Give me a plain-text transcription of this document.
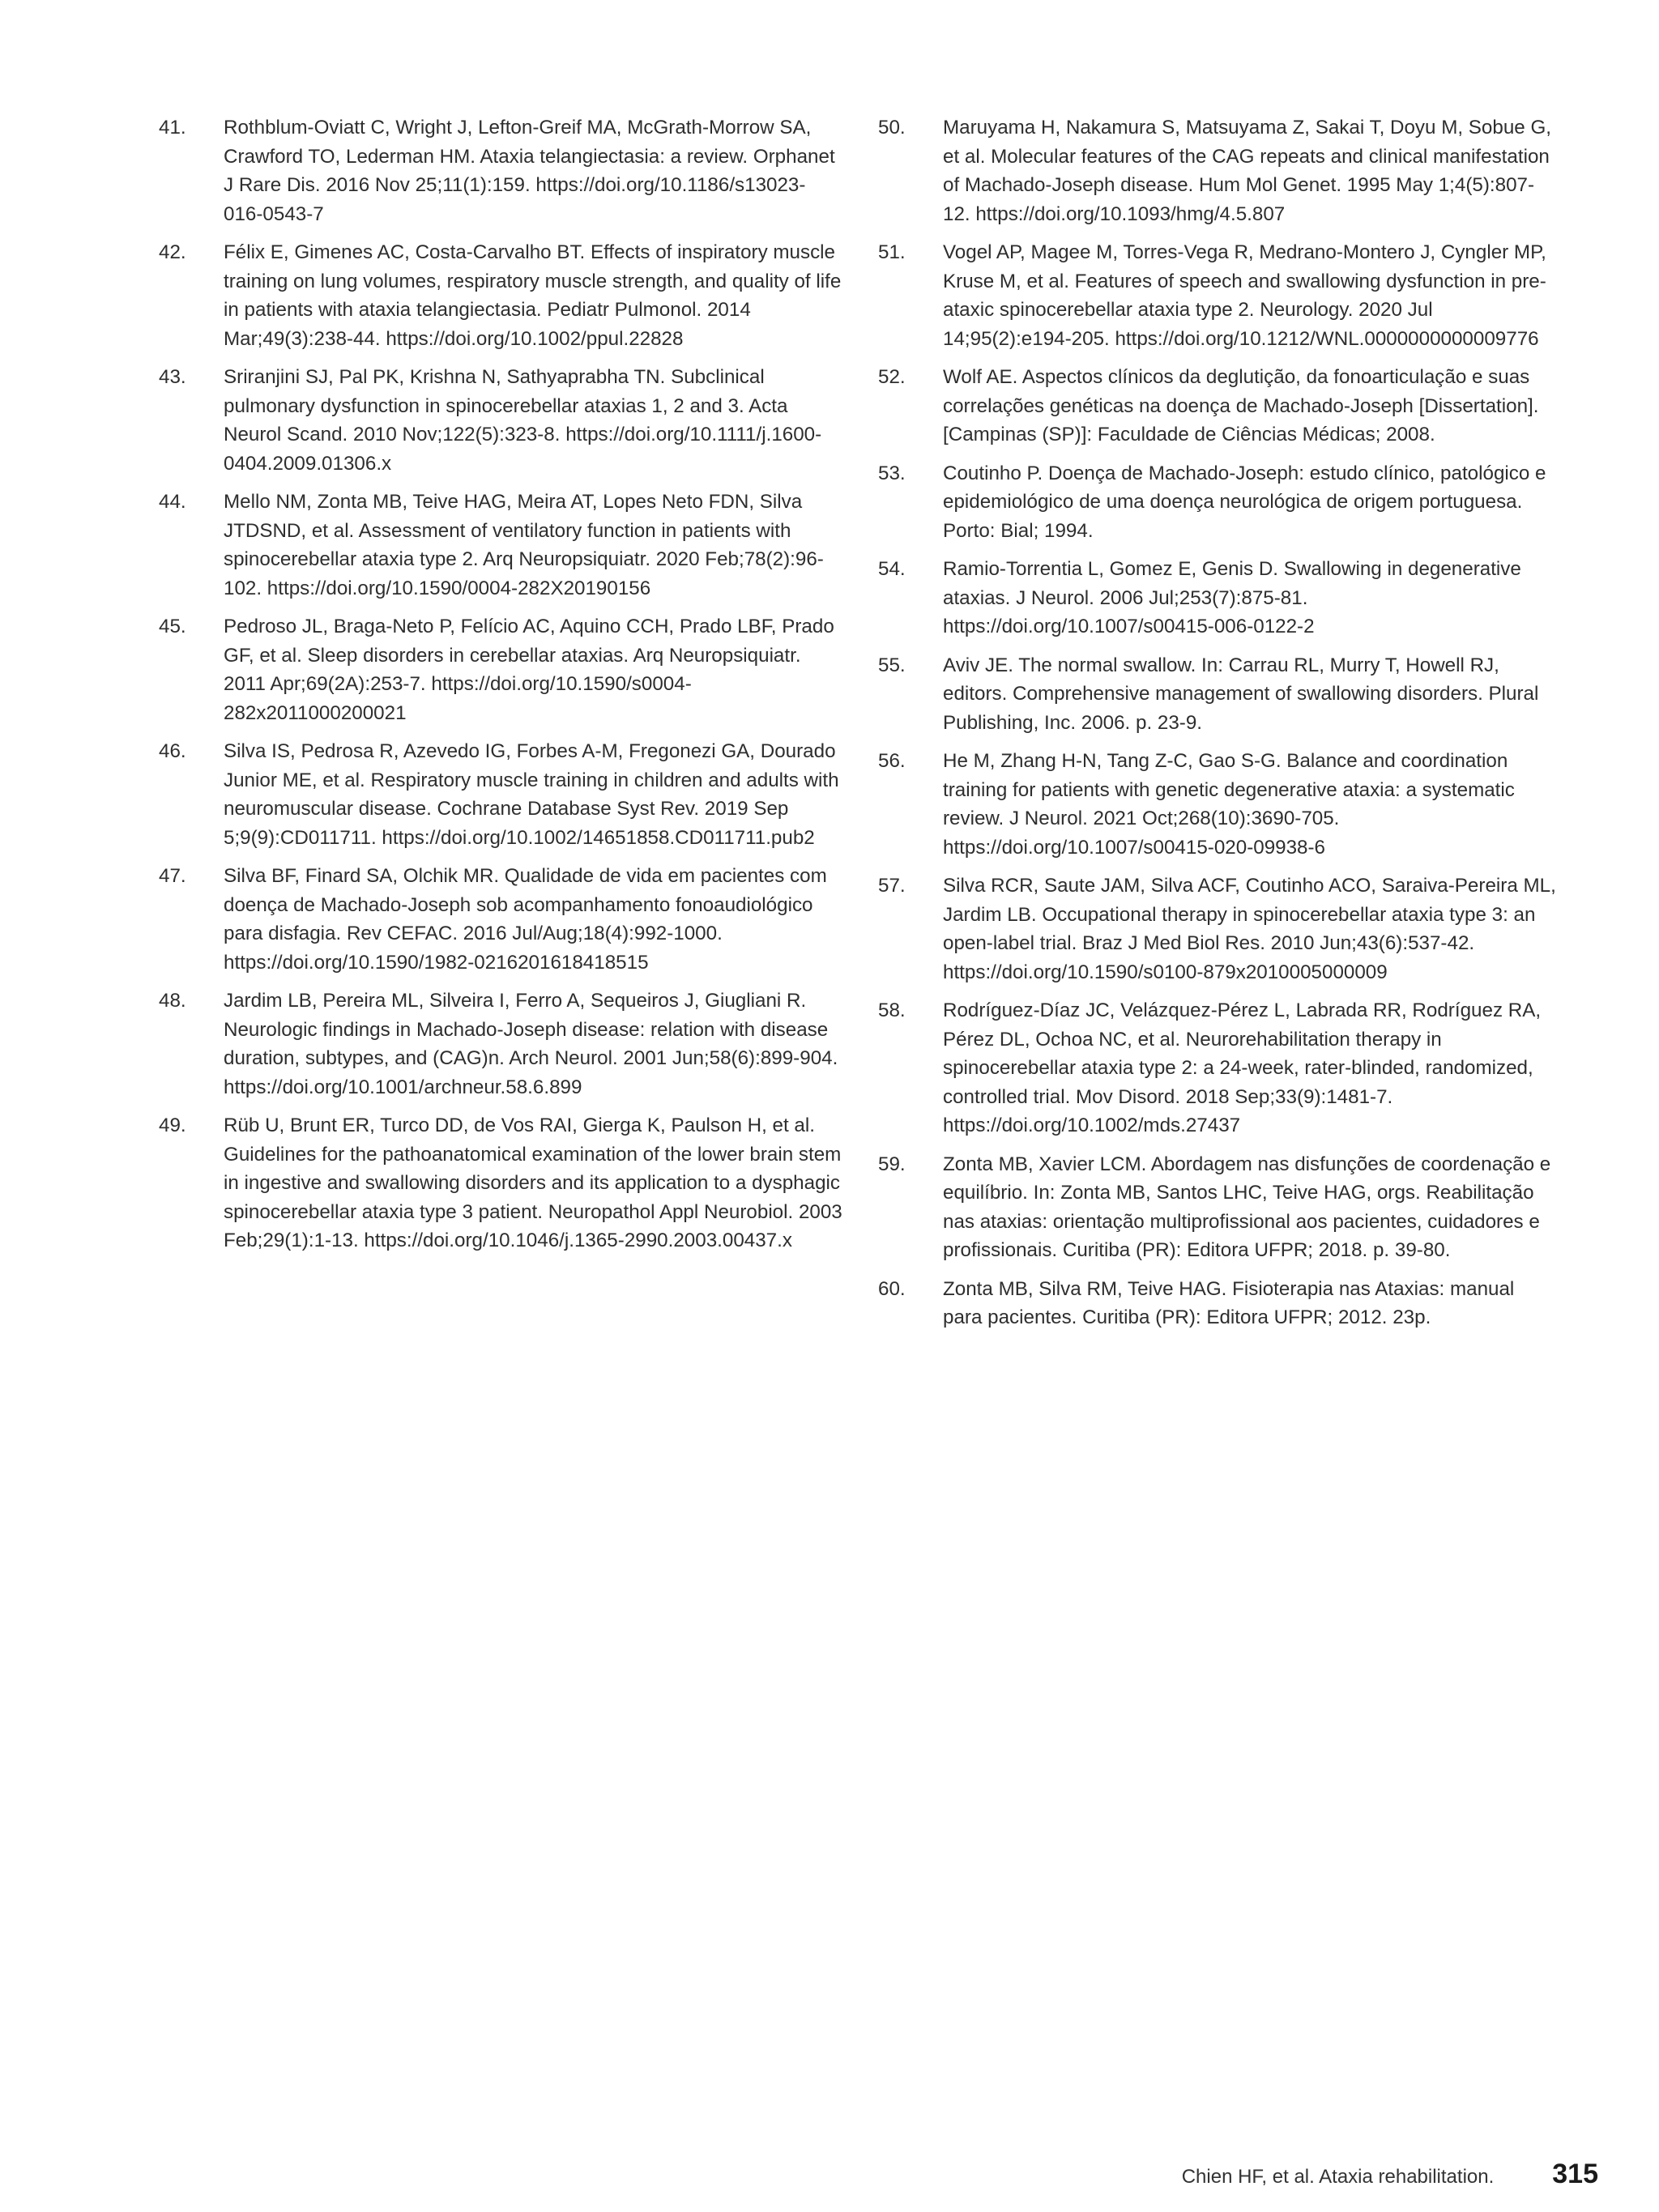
41.	Rothblum-Oviatt C, Wright J, Lefton-Greif MA, McGrath-Morrow SA, Crawford TO, Lederman HM. Ataxia telangiectasia: a review. Orphanet J Rare Dis. 2016 Nov 25;11(1):159. https://doi.org/10.1186/s13023-016-0543-7
42.	Félix E, Gimenes AC, Costa-Carvalho BT. Effects of inspiratory muscle training on lung volumes, respiratory muscle strength, and quality of life in patients with ataxia telangiectasia. Pediatr Pulmonol. 2014 Mar;49(3):238-44. https://doi.org/10.1002/ppul.22828
43.	Sriranjini SJ, Pal PK, Krishna N, Sathyaprabha TN. Subclinical pulmonary dysfunction in spinocerebellar ataxias 1, 2 and 3. Acta Neurol Scand. 2010 Nov;122(5):323-8. https://doi.org/10.1111/j.1600-0404.2009.01306.x
44.	Mello NM, Zonta MB, Teive HAG, Meira AT, Lopes Neto FDN, Silva JTDSND, et al. Assessment of ventilatory function in patients with spinocerebellar ataxia type 2. Arq Neuropsiquiatr. 2020 Feb;78(2):96-102. https://doi.org/10.1590/0004-282X20190156
45.	Pedroso JL, Braga-Neto P, Felício AC, Aquino CCH, Prado LBF, Prado GF, et al. Sleep disorders in cerebellar ataxias. Arq Neuropsiquiatr. 2011 Apr;69(2A):253-7. https://doi.org/10.1590/s0004-282x2011000200021
46.	Silva IS, Pedrosa R, Azevedo IG, Forbes A-M, Fregonezi GA, Dourado Junior ME, et al. Respiratory muscle training in children and adults with neuromuscular disease. Cochrane Database Syst Rev. 2019 Sep 5;9(9):CD011711. https://doi.org/10.1002/14651858.CD011711.pub2
47.	Silva BF, Finard SA, Olchik MR. Qualidade de vida em pacientes com doença de Machado-Joseph sob acompanhamento fonoaudiológico para disfagia. Rev CEFAC. 2016 Jul/Aug;18(4):992-1000. https://doi.org/10.1590/1982-0216201618418515
48.	Jardim LB, Pereira ML, Silveira I, Ferro A, Sequeiros J, Giugliani R. Neurologic findings in Machado-Joseph disease: relation with disease duration, subtypes, and (CAG)n. Arch Neurol. 2001 Jun;58(6):899-904. https://doi.org/10.1001/archneur.58.6.899
49.	Rüb U, Brunt ER, Turco DD, de Vos RAI, Gierga K, Paulson H, et al. Guidelines for the pathoanatomical examination of the lower brain stem in ingestive and swallowing disorders and its application to a dysphagic spinocerebellar ataxia type 3 patient. Neuropathol Appl Neurobiol. 2003 Feb;29(1):1-13. https://doi.org/10.1046/j.1365-2990.2003.00437.x
50.	Maruyama H, Nakamura S, Matsuyama Z, Sakai T, Doyu M, Sobue G, et al. Molecular features of the CAG repeats and clinical manifestation of Machado-Joseph disease. Hum Mol Genet. 1995 May 1;4(5):807-12. https://doi.org/10.1093/hmg/4.5.807
51.	Vogel AP, Magee M, Torres-Vega R, Medrano-Montero J, Cyngler MP, Kruse M, et al. Features of speech and swallowing dysfunction in pre-ataxic spinocerebellar ataxia type 2. Neurology. 2020 Jul 14;95(2):e194-205. https://doi.org/10.1212/WNL.0000000000009776
52.	Wolf AE. Aspectos clínicos da deglutição, da fonoarticulação e suas correlações genéticas na doença de Machado-Joseph [Dissertation]. [Campinas (SP)]: Faculdade de Ciências Médicas; 2008.
53.	Coutinho P. Doença de Machado-Joseph: estudo clínico, patológico e epidemiológico de uma doença neurológica de origem portuguesa. Porto: Bial; 1994.
54.	Ramio-Torrentia L, Gomez E, Genis D. Swallowing in degenerative ataxias. J Neurol. 2006 Jul;253(7):875-81. https://doi.org/10.1007/s00415-006-0122-2
55.	Aviv JE. The normal swallow. In: Carrau RL, Murry T, Howell RJ, editors. Comprehensive management of swallowing disorders. Plural Publishing, Inc. 2006. p. 23-9.
56.	He M, Zhang H-N, Tang Z-C, Gao S-G. Balance and coordination training for patients with genetic degenerative ataxia: a systematic review. J Neurol. 2021 Oct;268(10):3690-705. https://doi.org/10.1007/s00415-020-09938-6
57.	Silva RCR, Saute JAM, Silva ACF, Coutinho ACO, Saraiva-Pereira ML, Jardim LB. Occupational therapy in spinocerebellar ataxia type 3: an open-label trial. Braz J Med Biol Res. 2010 Jun;43(6):537-42. https://doi.org/10.1590/s0100-879x2010005000009
58.	Rodríguez-Díaz JC, Velázquez-Pérez L, Labrada RR, Rodríguez RA, Pérez DL, Ochoa NC, et al. Neurorehabilitation therapy in spinocerebellar ataxia type 2: a 24-week, rater-blinded, randomized, controlled trial. Mov Disord. 2018 Sep;33(9):1481-7. https://doi.org/10.1002/mds.27437
59.	Zonta MB, Xavier LCM. Abordagem nas disfunções de coordenação e equilíbrio. In: Zonta MB, Santos LHC, Teive HAG, orgs. Reabilitação nas ataxias: orientação multiprofissional aos pacientes, cuidadores e profissionais. Curitiba (PR): Editora UFPR; 2018. p. 39-80.
60.	Zonta MB, Silva RM, Teive HAG. Fisioterapia nas Ataxias: manual para pacientes. Curitiba (PR): Editora UFPR; 2012. 23p.
Chien HF, et al. Ataxia rehabilitation. 315
